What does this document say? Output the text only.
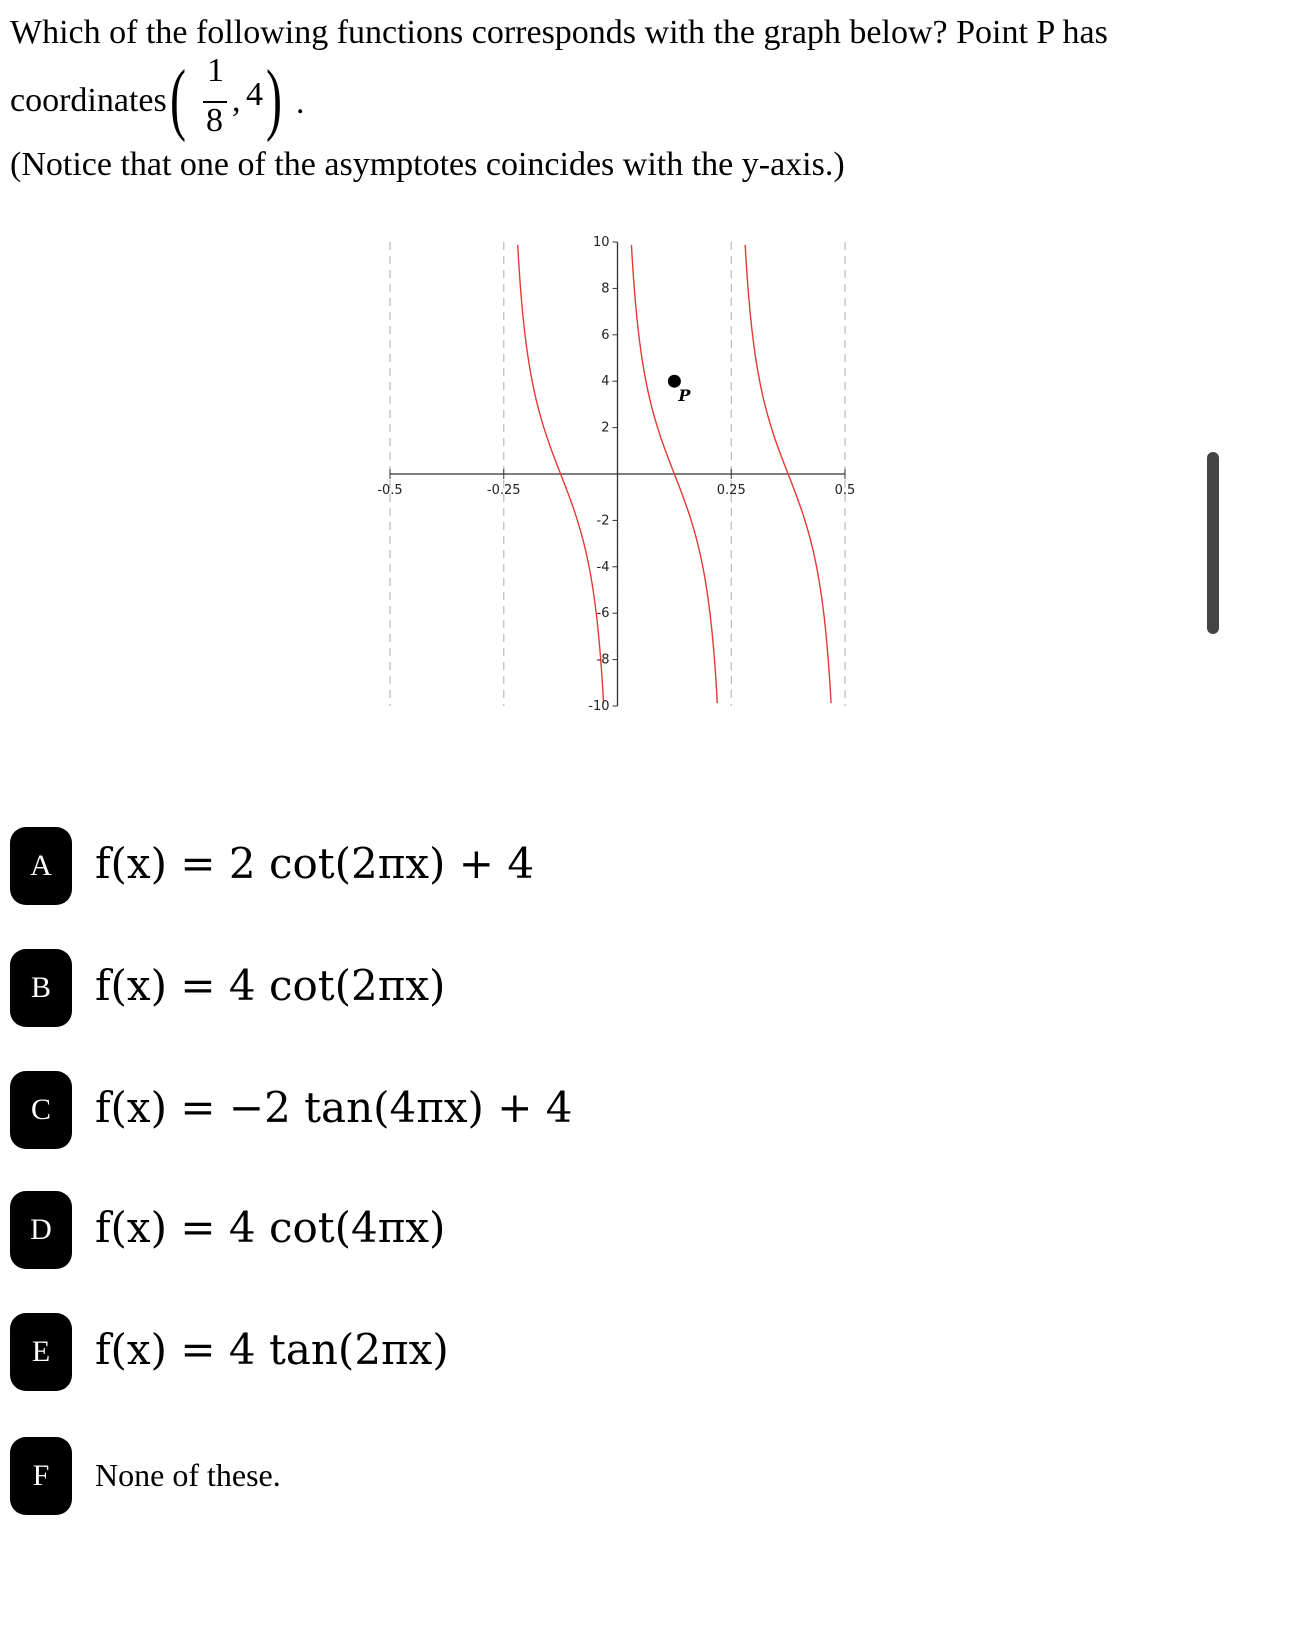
Which of the following functions corresponds with the graph below? Point P has
coordinates ( 1
8
, 4 ) .
(Notice that one of the asymptotes coincides with the y-axis.)
-0.5	-0.25	0.25	0.5
10
8
6
4
2
-2
-4
-6
-8
-10
P
A	f(x) = 2 cot(2πx) + 4
B	f(x) = 4 cot(2πx)
C	f(x) = −2 tan(4πx) + 4
D	f(x) = 4 cot(4πx)
E	f(x) = 4 tan(2πx)
F	None of these.
